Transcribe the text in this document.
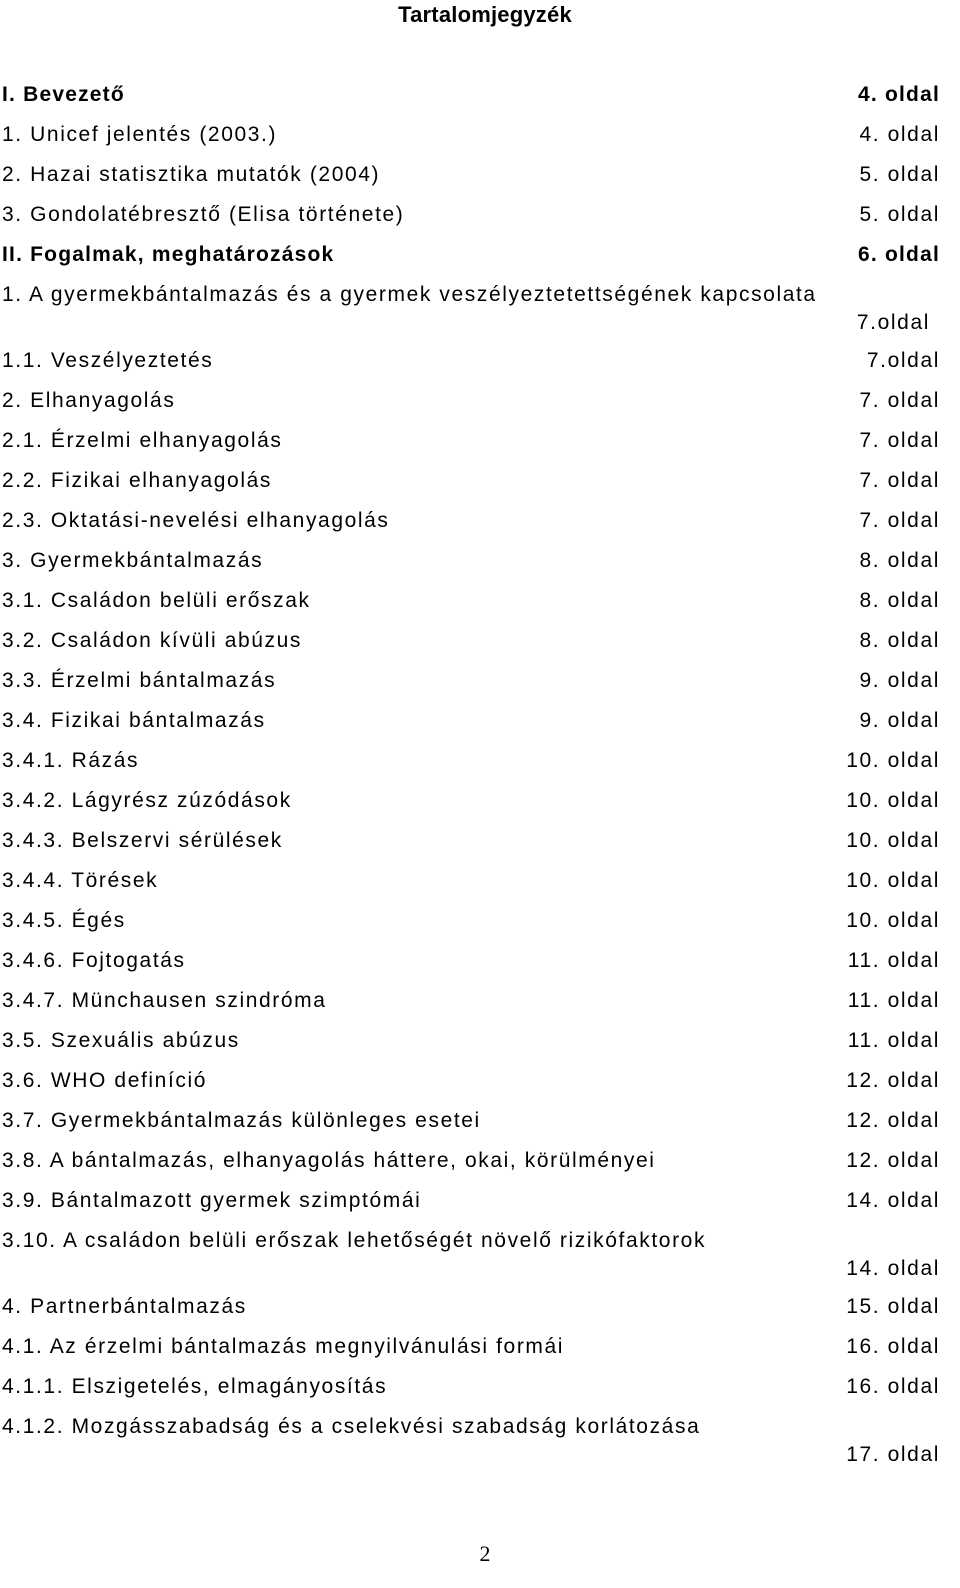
Tartalomjegyzék
I. Bevezető	4. oldal
1. Unicef jelentés (2003.)	4. oldal
2. Hazai statisztika mutatók (2004)	5. oldal
3. Gondolatébresztő (Elisa története)	5. oldal
II. Fogalmak, meghatározások	6. oldal
1. A gyermekbántalmazás és a gyermek veszélyeztetettségének kapcsolata
7.oldal
1.1. Veszélyeztetés	7.oldal
2. Elhanyagolás	7. oldal
2.1. Érzelmi elhanyagolás	7. oldal
2.2. Fizikai elhanyagolás	7. oldal
2.3. Oktatási-nevelési elhanyagolás	7. oldal
3. Gyermekbántalmazás	8. oldal
3.1. Családon belüli erőszak	8. oldal
3.2. Családon kívüli abúzus	8. oldal
3.3. Érzelmi bántalmazás	9. oldal
3.4. Fizikai bántalmazás	9. oldal
3.4.1. Rázás	10. oldal
3.4.2. Lágyrész zúzódások	10. oldal
3.4.3. Belszervi sérülések	10. oldal
3.4.4. Törések	10. oldal
3.4.5. Égés	10. oldal
3.4.6. Fojtogatás	11. oldal
3.4.7. Münchausen szindróma	11. oldal
3.5. Szexuális abúzus	11. oldal
3.6. WHO definíció	12. oldal
3.7. Gyermekbántalmazás különleges esetei	12. oldal
3.8. A bántalmazás, elhanyagolás háttere, okai, körülményei	12. oldal
3.9. Bántalmazott gyermek szimptómái	14. oldal
3.10. A családon belüli erőszak lehetőségét növelő rizikófaktorok
14. oldal
4. Partnerbántalmazás	15. oldal
4.1. Az érzelmi bántalmazás megnyilvánulási formái	16. oldal
4.1.1. Elszigetelés, elmagányosítás	16. oldal
4.1.2. Mozgásszabadság és a cselekvési szabadság korlátozása
17. oldal
2
